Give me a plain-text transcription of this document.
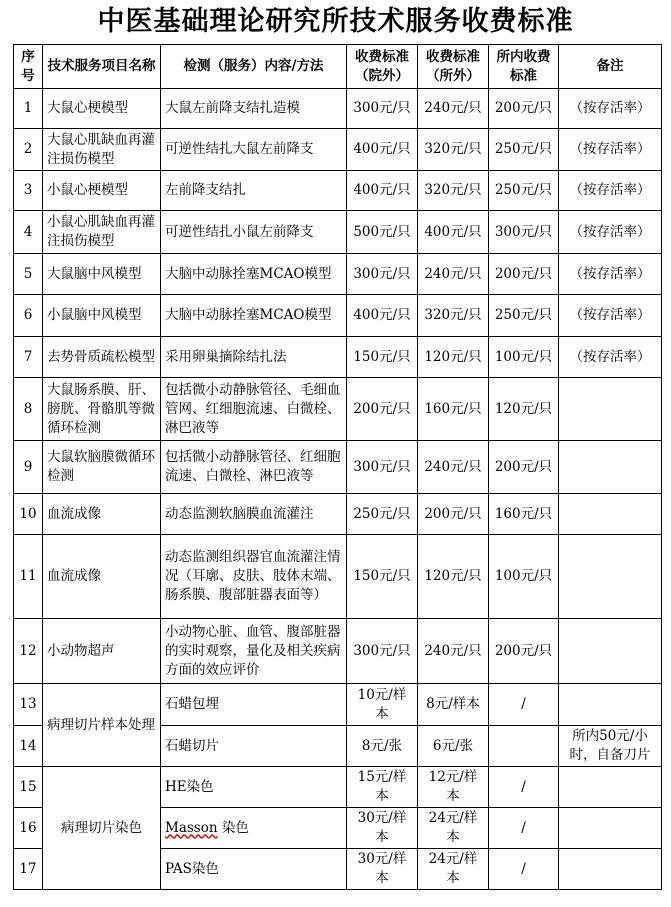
中医基础理论研究所技术服务收费标准
序号	技术服务项目名称	检测（服务）内容/方法	收费标准（院外）	收费标准（所外）	所内收费标准	备注
1	大鼠心梗模型	大鼠左前降支结扎造模	300元/只	240元/只	200元/只	（按存活率）
2	大鼠心肌缺血再灌注损伤模型	可逆性结扎大鼠左前降支	400元/只	320元/只	250元/只	（按存活率）
3	小鼠心梗模型	左前降支结扎	400元/只	320元/只	250元/只	（按存活率）
4	小鼠心肌缺血再灌注损伤模型	可逆性结扎小鼠左前降支	500元/只	400元/只	300元/只	（按存活率）
5	大鼠脑中风模型	大脑中动脉拴塞MCAO模型	300元/只	240元/只	200元/只	（按存活率）
6	小鼠脑中风模型	大脑中动脉拴塞MCAO模型	400元/只	320元/只	250元/只	（按存活率）
7	去势骨质疏松模型	采用卵巢摘除结扎法	150元/只	120元/只	100元/只	（按存活率）
8	大鼠肠系膜、肝、膀胱、骨骼肌等微循环检测	包括微小动静脉管径、毛细血管网、红细胞流速、白微栓、淋巴液等	200元/只	160元/只	120元/只	
9	大鼠软脑膜微循环检测	包括微小动静脉管径、红细胞流速、白微栓、淋巴液等	300元/只	240元/只	200元/只	
10	血流成像	动态监测软脑膜血流灌注	250元/只	200元/只	160元/只	
11	血流成像	动态监测组织器官血流灌注情况（耳廓、皮肤、肢体末端、肠系膜、腹部脏器表面等）	150元/只	120元/只	100元/只	
12	小动物超声	小动物心脏、血管、腹部脏器的实时观察，量化及相关疾病方面的效应评价	300元/只	240元/只	200元/只	
13	病理切片样本处理	石蜡包埋	10元/样本	8元/样本	/	
14		石蜡切片	8元/张	6元/张		所内50元/小时，自备刀片
15	病理切片染色	HE染色	15元/样本	12元/样本	/	
16		Masson 染色	30元/样本	24元/样本	/	
17		PAS染色	30元/样本	24元/样本	/	
